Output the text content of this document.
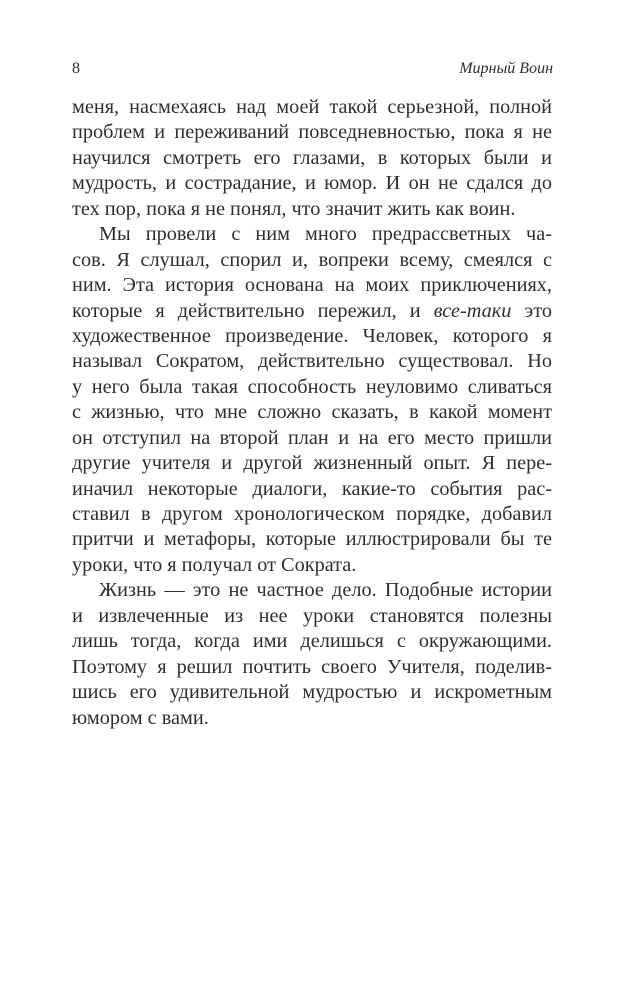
8	Мирный Воин
меня, насмехаясь над моей такой серьезной, полной
проблем и переживаний повседневностью, пока я не
научился смотреть его глазами, в которых были и
мудрость, и сострадание, и юмор. И он не сдался до
тех пор, пока я не понял, что значит жить как воин.
Мы провели с ним много предрассветных ча-
сов. Я слушал, спорил и, вопреки всему, смеялся с
ним. Эта история основана на моих приключениях,
которые я действительно пережил, и все-таки это
художественное произведение. Человек, которого я
называл Сократом, действительно существовал. Но
у него была такая способность неуловимо сливаться
с жизнью, что мне сложно сказать, в какой момент
он отступил на второй план и на его место пришли
другие учителя и другой жизненный опыт. Я пере-
иначил некоторые диалоги, какие-то события рас-
ставил в другом хронологическом порядке, добавил
притчи и метафоры, которые иллюстрировали бы те
уроки, что я получал от Сократа.
Жизнь — это не частное дело. Подобные истории
и извлеченные из нее уроки становятся полезны
лишь тогда, когда ими делишься с окружающими.
Поэтому я решил почтить своего Учителя, поделив-
шись его удивительной мудростью и искрометным
юмором с вами.
